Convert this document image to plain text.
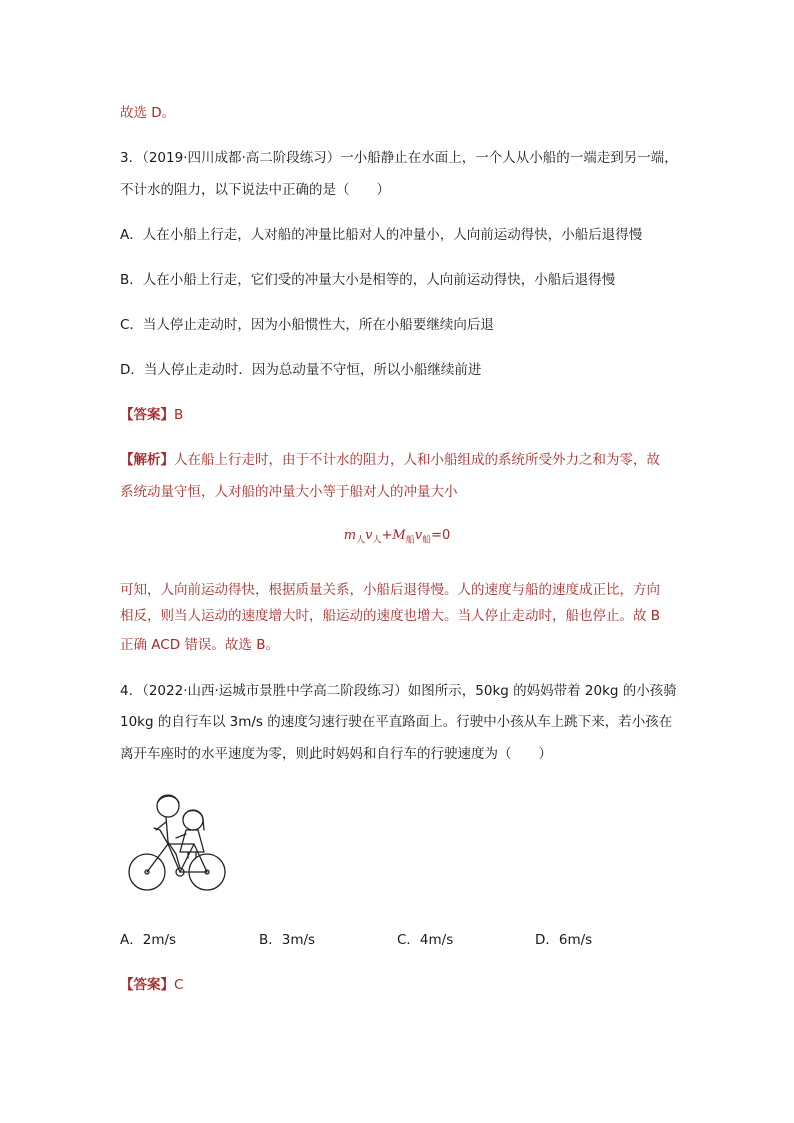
故选 D。
3．（2019·四川成都·高二阶段练习）一小船静止在水面上，一个人从小船的一端走到另一端，
不计水的阻力，以下说法中正确的是（　　）
A．人在小船上行走，人对船的冲量比船对人的冲量小，人向前运动得快，小船后退得慢
B．人在小船上行走，它们受的冲量大小是相等的，人向前运动得快，小船后退得慢
C．当人停止走动时，因为小船惯性大，所在小船要继续向后退
D．当人停止走动时．因为总动量不守恒，所以小船继续前进
【答案】B
【解析】人在船上行走时，由于不计水的阻力，人和小船组成的系统所受外力之和为零，故
系统动量守恒，人对船的冲量大小等于船对人的冲量大小
$m_人v_人+M_船v_船=0$
可知，人向前运动得快，根据质量关系，小船后退得慢。人的速度与船的速度成正比，方向
相反，则当人运动的速度增大时，船运动的速度也增大。当人停止走动时，船也停止。故 B
正确 ACD 错误。故选 B。
4．（2022·山西·运城市景胜中学高二阶段练习）如图所示，50kg 的妈妈带着 20kg 的小孩骑
10kg 的自行车以 3m/s 的速度匀速行驶在平直路面上。行驶中小孩从车上跳下来，若小孩在
离开车座时的水平速度为零，则此时妈妈和自行车的行驶速度为（　　）
A．2m/s	B．3m/s	C．4m/s	D．6m/s
【答案】C
